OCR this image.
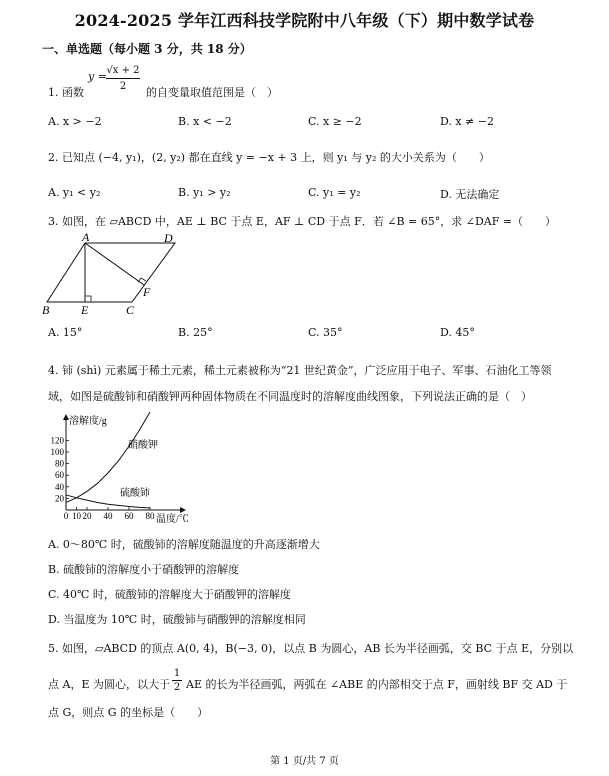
2024-2025 学年江西科技学院附中八年级（下）期中数学试卷
一、单选题（每小题 3 分，共 18 分）
1. 函数
y = √x + 2
2	的自变量取值范围是（　）
A. x > −2	B. x < −2	C. x ≥ −2	D. x ≠ −2
2. 已知点 (−4, y₁)，(2, y₂) 都在直线 y = −x + 3 上，则 y₁ 与 y₂ 的大小关系为（　　）
A. y₁ < y₂	B. y₁ > y₂	C. y₁ = y₂	D. 无法确定
3. 如图，在 ▱ABCD 中，AE ⊥ BC 于点 E，AF ⊥ CD 于点 F．若 ∠B = 65°，求 ∠DAF =（　　）
A	D
B	E	C
F
A. 15°	B. 25°	C. 35°	D. 45°
4. 铈 (shì) 元素属于稀土元素，稀土元素被称为“21 世纪黄金”，广泛应用于电子、军事、石油化工等领
域，如图是硫酸铈和硝酸钾两种固体物质在不同温度时的溶解度曲线图象，下列说法正确的是（　）
溶解度/g
温度/℃
20
40
60
80
100
120
0 10 20 40 60 80
硝酸钾
硫酸铈
A. 0～80℃ 时，硫酸铈的溶解度随温度的升高逐渐增大
B. 硫酸铈的溶解度小于硝酸钾的溶解度
C. 40℃ 时，硫酸铈的溶解度大于硝酸钾的溶解度
D. 当温度为 10℃ 时，硫酸铈与硝酸钾的溶解度相同
5. 如图，▱ABCD 的顶点 A(0, 4)，B(−3, 0)，以点 B 为圆心，AB 长为半径画弧，交 BC 于点 E，分别以
点 A，E 为圆心，以大于
1
2 AE 的长为半径画弧，两弧在 ∠ABE 的内部相交于点 F，画射线 BF 交 AD 于
点 G，则点 G 的坐标是（　　）
第 1 页/共 7 页
